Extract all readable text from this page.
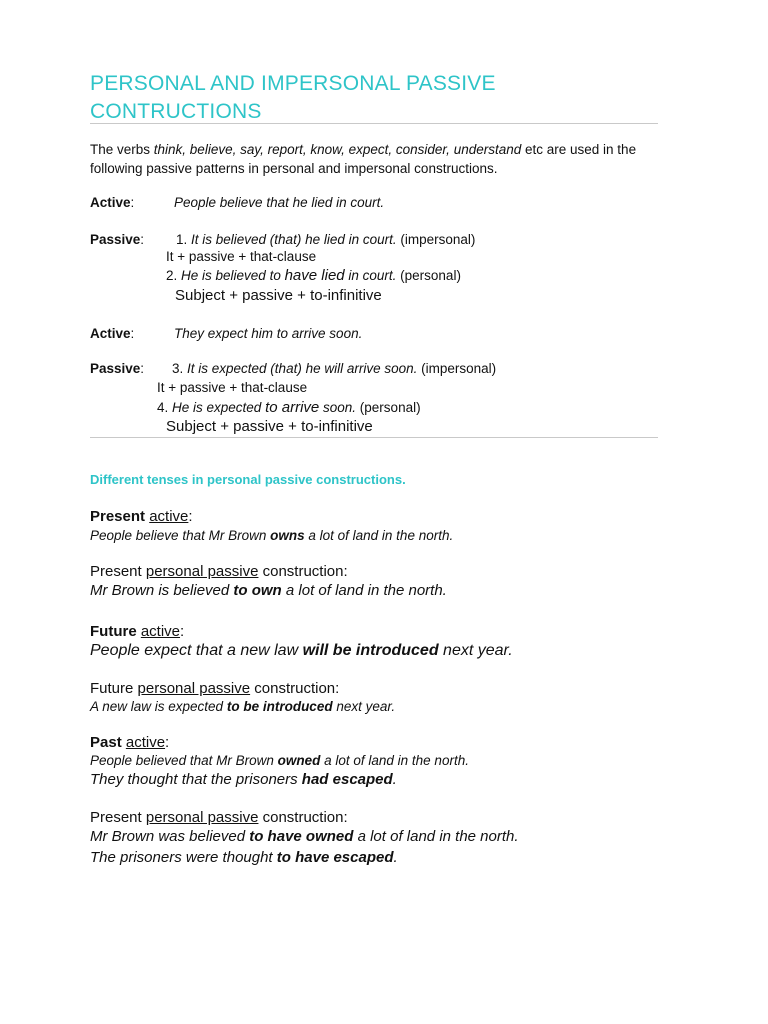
PERSONAL AND IMPERSONAL PASSIVE
CONTRUCTIONS
The verbs think, believe, say, report, know, expect, consider, understand etc are used in the following passive patterns in personal and impersonal constructions.
Active:	People believe that he lied in court.
Passive: 1. It is believed (that) he lied in court. (impersonal)
It + passive + that-clause
2. He is believed to have lied in court. (personal)
Subject + passive + to-infinitive
Active:	They expect him to arrive soon.
Passive: 3. It is expected (that) he will arrive soon. (impersonal)
It + passive + that-clause
4. He is expected to arrive soon. (personal)
Subject + passive + to-infinitive
Different tenses in personal passive constructions.
Present active:
People believe that Mr Brown owns a lot of land in the north.
Present personal passive construction:
Mr Brown is believed to own a lot of land in the north.
Future active:
People expect that a new law will be introduced next year.
Future personal passive construction:
A new law is expected to be introduced next year.
Past active:
People believed that Mr Brown owned a lot of land in the north.
They thought that the prisoners had escaped.
Present personal passive construction:
Mr Brown was believed to have owned a lot of land in the north.
The prisoners were thought to have escaped.
